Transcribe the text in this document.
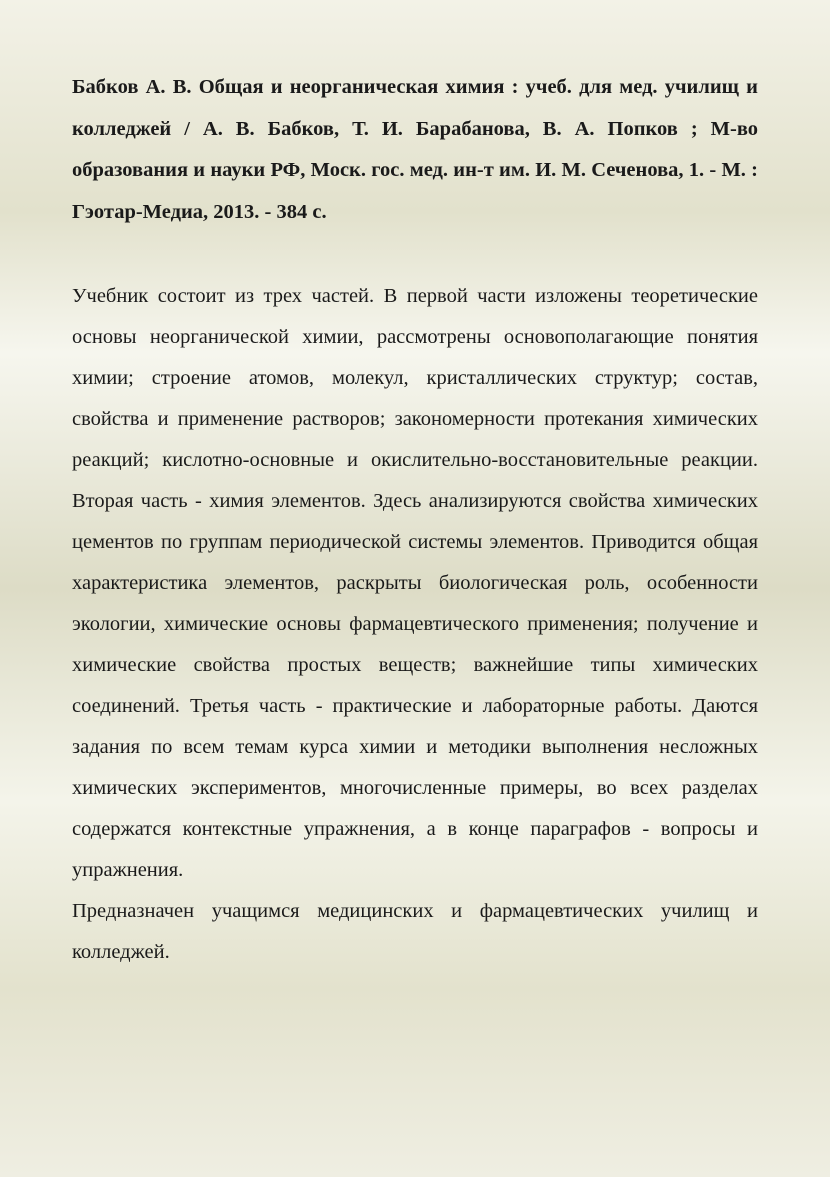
Бабков А. В. Общая и неорганическая химия : учеб. для мед. училищ и колледжей / А. В. Бабков, Т. И. Барабанова, В. А. Попков ; М-во образования и науки РФ, Моск. гос. мед. ин-т им. И. М. Сеченова, 1. - М. : Гэотар-Медиа, 2013. - 384 с.

Учебник состоит из трех частей. В первой части изложены теоретические основы неорганической химии, рассмотрены основополагающие понятия химии; строение атомов, молекул, кристаллических структур; состав, свойства и применение растворов; закономерности протекания химических реакций; кислотно-основные и окислительно-восстановительные реакции. Вторая часть - химия элементов. Здесь анализируются свойства химических цементов по группам периодической системы элементов. Приводится общая характеристика элементов, раскрыты биологическая роль, особенности экологии, химические основы фармацевтического применения; получение и химические свойства простых веществ; важнейшие типы химических соединений. Третья часть - практические и лабораторные работы. Даются задания по всем темам курса химии и методики выполнения несложных химических экспериментов, многочисленные примеры, во всех разделах содержатся контекстные упражнения, а в конце параграфов - вопросы и упражнения.

Предназначен учащимся медицинских и фармацевтических училищ и колледжей.
